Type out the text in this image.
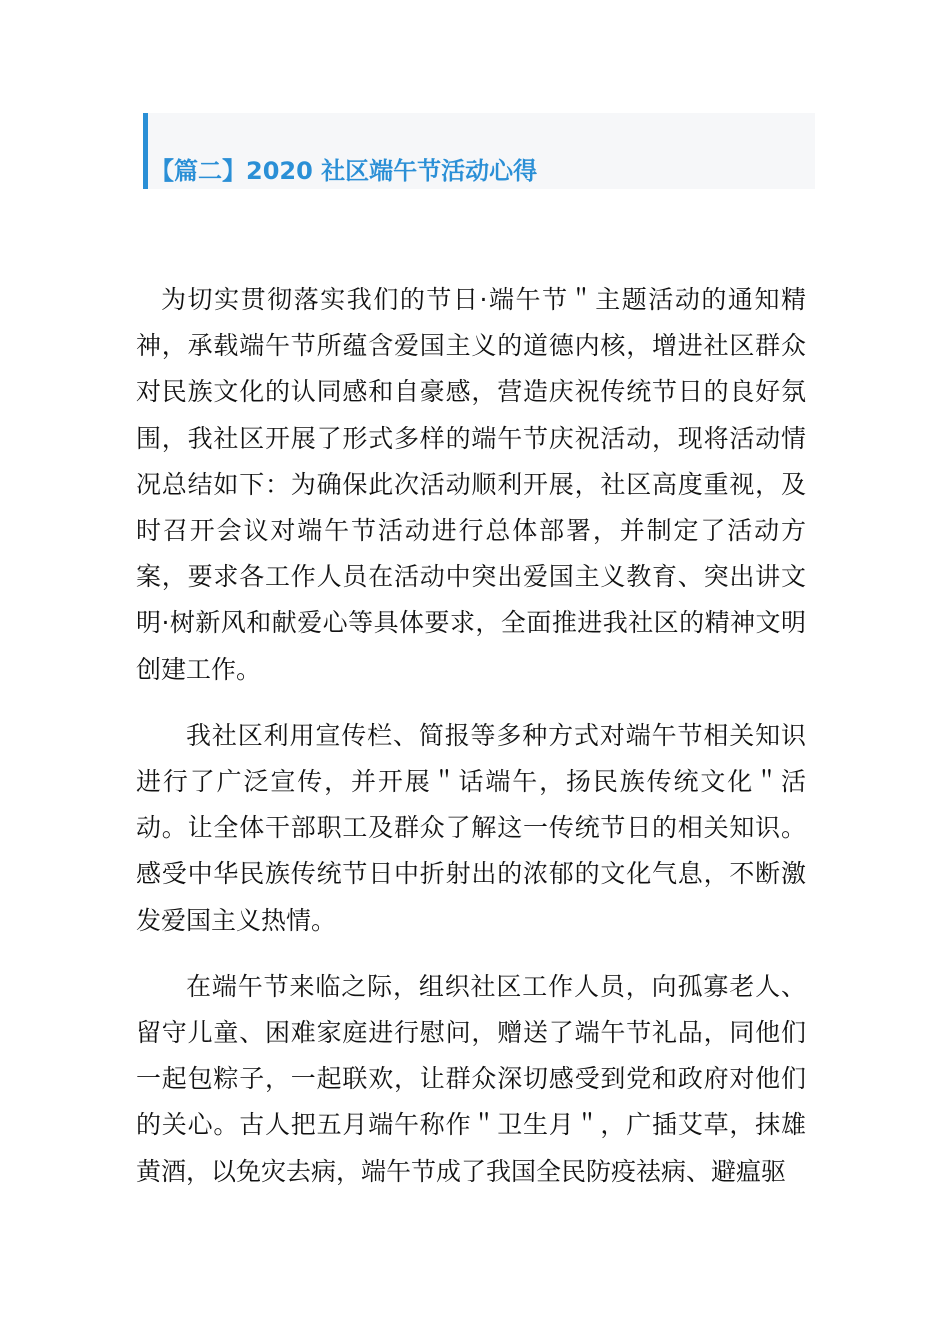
【篇二】2020 社区端午节活动心得

为切实贯彻落实我们的节日·端午节＂主题活动的通知精神，承载端午节所蕴含爱国主义的道德内核，增进社区群众对民族文化的认同感和自豪感，营造庆祝传统节日的良好氛围，我社区开展了形式多样的端午节庆祝活动，现将活动情况总结如下：为确保此次活动顺利开展，社区高度重视，及时召开会议对端午节活动进行总体部署，并制定了活动方案，要求各工作人员在活动中突出爱国主义教育、突出讲文明·树新风和献爱心等具体要求，全面推进我社区的精神文明创建工作。

我社区利用宣传栏、简报等多种方式对端午节相关知识进行了广泛宣传，并开展＂话端午，扬民族传统文化＂活动。让全体干部职工及群众了解这一传统节日的相关知识。感受中华民族传统节日中折射出的浓郁的文化气息，不断激发爱国主义热情。

在端午节来临之际，组织社区工作人员，向孤寡老人、留守儿童、困难家庭进行慰问，赠送了端午节礼品，同他们一起包粽子，一起联欢，让群众深切感受到党和政府对他们的关心。古人把五月端午称作＂卫生月＂，广插艾草，抹雄黄酒，以免灾去病，端午节成了我国全民防疫祛病、避瘟驱
